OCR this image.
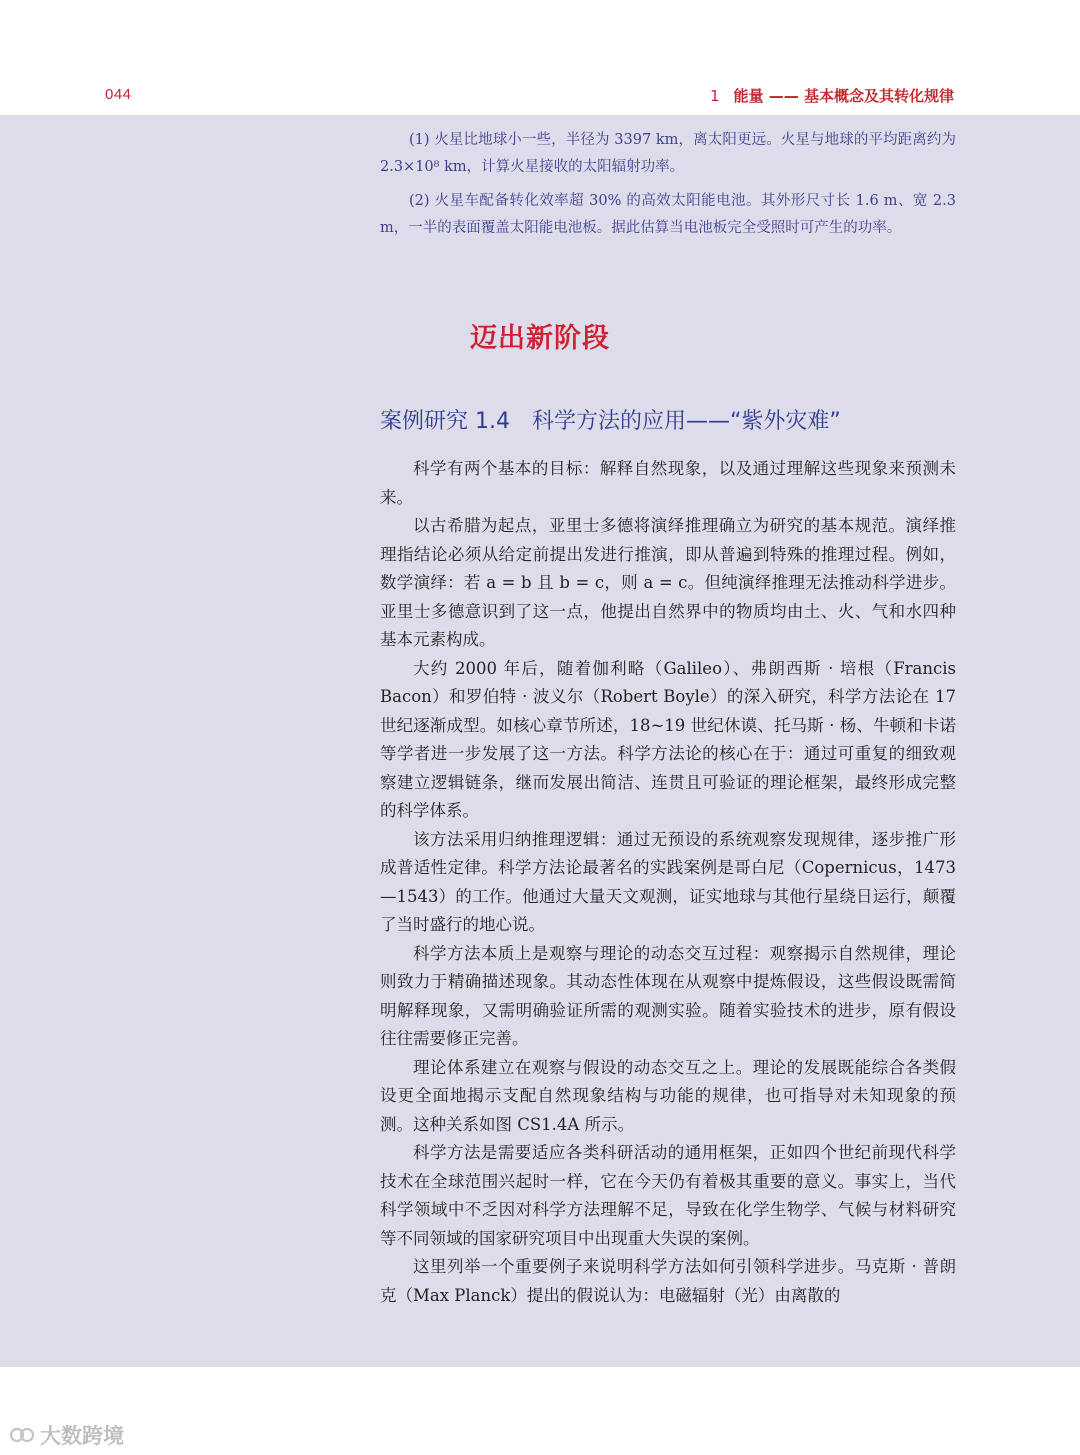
044	1 能量 —— 基本概念及其转化规律

(1) 火星比地球小一些，半径为 3397 km，离太阳更远。火星与地球的平均距离约为 2.3×10⁸ km，计算火星接收的太阳辐射功率。

(2) 火星车配备转化效率超 30% 的高效太阳能电池。其外形尺寸长 1.6 m、宽 2.3 m，一半的表面覆盖太阳能电池板。据此估算当电池板完全受照时可产生的功率。

迈出新阶段
案例研究 1.4　科学方法的应用——“紫外灾难”

科学有两个基本的目标：解释自然现象，以及通过理解这些现象来预测未来。

以古希腊为起点，亚里士多德将演绎推理确立为研究的基本规范。演绎推理指结论必须从给定前提出发进行推演，即从普遍到特殊的推理过程。例如，数学演绎：若 a = b 且 b = c，则 a = c。但纯演绎推理无法推动科学进步。亚里士多德意识到了这一点，他提出自然界中的物质均由土、火、气和水四种基本元素构成。

大约 2000 年后，随着伽利略（Galileo）、弗朗西斯 · 培根（Francis Bacon）和罗伯特 · 波义尔（Robert Boyle）的深入研究，科学方法论在 17 世纪逐渐成型。如核心章节所述，18~19 世纪休谟、托马斯 · 杨、牛顿和卡诺等学者进一步发展了这一方法。科学方法论的核心在于：通过可重复的细致观察建立逻辑链条，继而发展出简洁、连贯且可验证的理论框架，最终形成完整的科学体系。

该方法采用归纳推理逻辑：通过无预设的系统观察发现规律，逐步推广形成普适性定律。科学方法论最著名的实践案例是哥白尼（Copernicus，1473—1543）的工作。他通过大量天文观测，证实地球与其他行星绕日运行，颠覆了当时盛行的地心说。

科学方法本质上是观察与理论的动态交互过程：观察揭示自然规律，理论则致力于精确描述现象。其动态性体现在从观察中提炼假设，这些假设既需简明解释现象，又需明确验证所需的观测实验。随着实验技术的进步，原有假设往往需要修正完善。

理论体系建立在观察与假设的动态交互之上。理论的发展既能综合各类假设更全面地揭示支配自然现象结构与功能的规律，也可指导对未知现象的预测。这种关系如图 CS1.4A 所示。

科学方法是需要适应各类科研活动的通用框架，正如四个世纪前现代科学技术在全球范围兴起时一样，它在今天仍有着极其重要的意义。事实上，当代科学领域中不乏因对科学方法理解不足，导致在化学生物学、气候与材料研究等不同领域的国家研究项目中出现重大失误的案例。

这里列举一个重要例子来说明科学方法如何引领科学进步。马克斯 · 普朗克（Max Planck）提出的假说认为：电磁辐射（光）由离散的

大数跨境
